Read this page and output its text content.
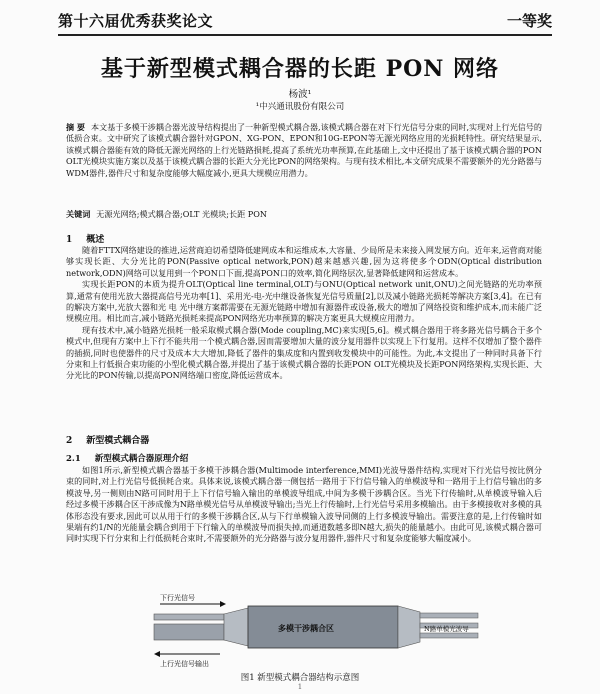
第十六届优秀获奖论文	一等奖
基于新型模式耦合器的长距 PON 网络
杨波¹
¹中兴通讯股份有限公司
摘 要 本文基于多模干涉耦合器光波导结构提出了一种新型模式耦合器,该模式耦合器在对下行光信号分束的同时,实现对上行光信号的低损合束。文中研究了该模式耦合器针对GPON、XG-PON、EPON和10G-EPON等无源光网络应用的光损耗特性。研究结果显示,该模式耦合器能有效的降低无源光网络的上行光链路损耗,提高了系统光功率预算,在此基础上,文中还提出了基于该模式耦合器的PON OLT光模块实施方案以及基于该模式耦合器的长距大分光比PON的网络架构。与现有技术相比,本文研究成果不需要额外的光分路器与WDM器件,器件尺寸和复杂度能够大幅度减小,更具大规模应用潜力。
关键词 无源光网络;模式耦合器;OLT 光模块;长距 PON
1 概述

随着FTTX网络建设的推进,运营商迫切希望降低建网成本和运维成本,大容量、少局所是未来接入网发展方向。近年来,运营商对能够实现长距、大分光比的PON(Passive optical network,PON)越来越感兴趣,因为这将使多个ODN(Optical distribution network,ODN)网络可以复用到一个PON口下面,提高PON口的效率,简化网络层次,显著降低建网和运营成本。

实现长距PON的本质为提升OLT(Optical line terminal,OLT)与ONU(Optical network unit,ONU)之间光链路的光功率预算,通常有使用光放大器提高信号光功率[1]、采用光-电-光中继设备恢复光信号质量[2],以及减小链路光损耗等解决方案[3,4]。在已有的解决方案中,光放大器和光 电 光中继方案都需要在无源光链路中增加有源器件或设备,极大的增加了网络投资和维护成本,而未能广泛规模应用。相比而言,减小链路光损耗来提高PON网络光功率预算的解决方案更具大规模应用潜力。

现有技术中,减小链路光损耗一般采取模式耦合器(Mode coupling,MC)来实现[5,6]。模式耦合器用于将多路光信号耦合于多个模式中,但现有方案中上下行不能共用一个模式耦合器,因而需要增加大量的波分复用器件以实现上下行复用。这样不仅增加了整个器件的插损,同时也使器件的尺寸及成本大大增加,降低了器件的集成度和内置到收发模块中的可能性。为此,本文提出了一种同时具备下行分束和上行低损合束功能的小型化模式耦合器,并提出了基于该模式耦合器的长距PON OLT光模块及长距PON网络架构,实现长距、大分光比的PON传输,以提高PON网络端口密度,降低运营成本。

2 新型模式耦合器
2.1 新型模式耦合器原理介绍

如图1所示,新型模式耦合器基于多模干涉耦合器(Multimode interference,MMI)光波导器件结构,实现对下行光信号按比例分束的同时,对上行光信号低损耗合束。具体来说,该模式耦合器一侧包括一路用于下行信号输入的单模波导和一路用于上行信号输出的多模波导,另一侧则由N路可同时用于上下行信号输入输出的单模波导组成,中间为多模干涉耦合区。当光下行传输时,从单模波导输入后经过多模干涉耦合区干涉成像为N路单模光信号从单模波导输出;当光上行传输时,上行光信号采用多模输出。由于多模接收对多模的具体形态没有要求,因此可以从用于行的多模干涉耦合区,从与下行单模输入波导同侧的上行多模波导输出。需要注意的是,上行传输时如果端有约1/N的光能量会耦合到用于下行输入的单模波导而损失掉,而通道数越多即N越大,损失的能量越小。由此可见,该模式耦合器可同时实现下行分束和上行低损耗合束时,不需要额外的光分路器与波分复用器件,器件尺寸和复杂度能够大幅度减小。

下行光信号
多模干涉耦合区	N路单模光波导
上行光信号输出
图1 新型模式耦合器结构示意图
1
